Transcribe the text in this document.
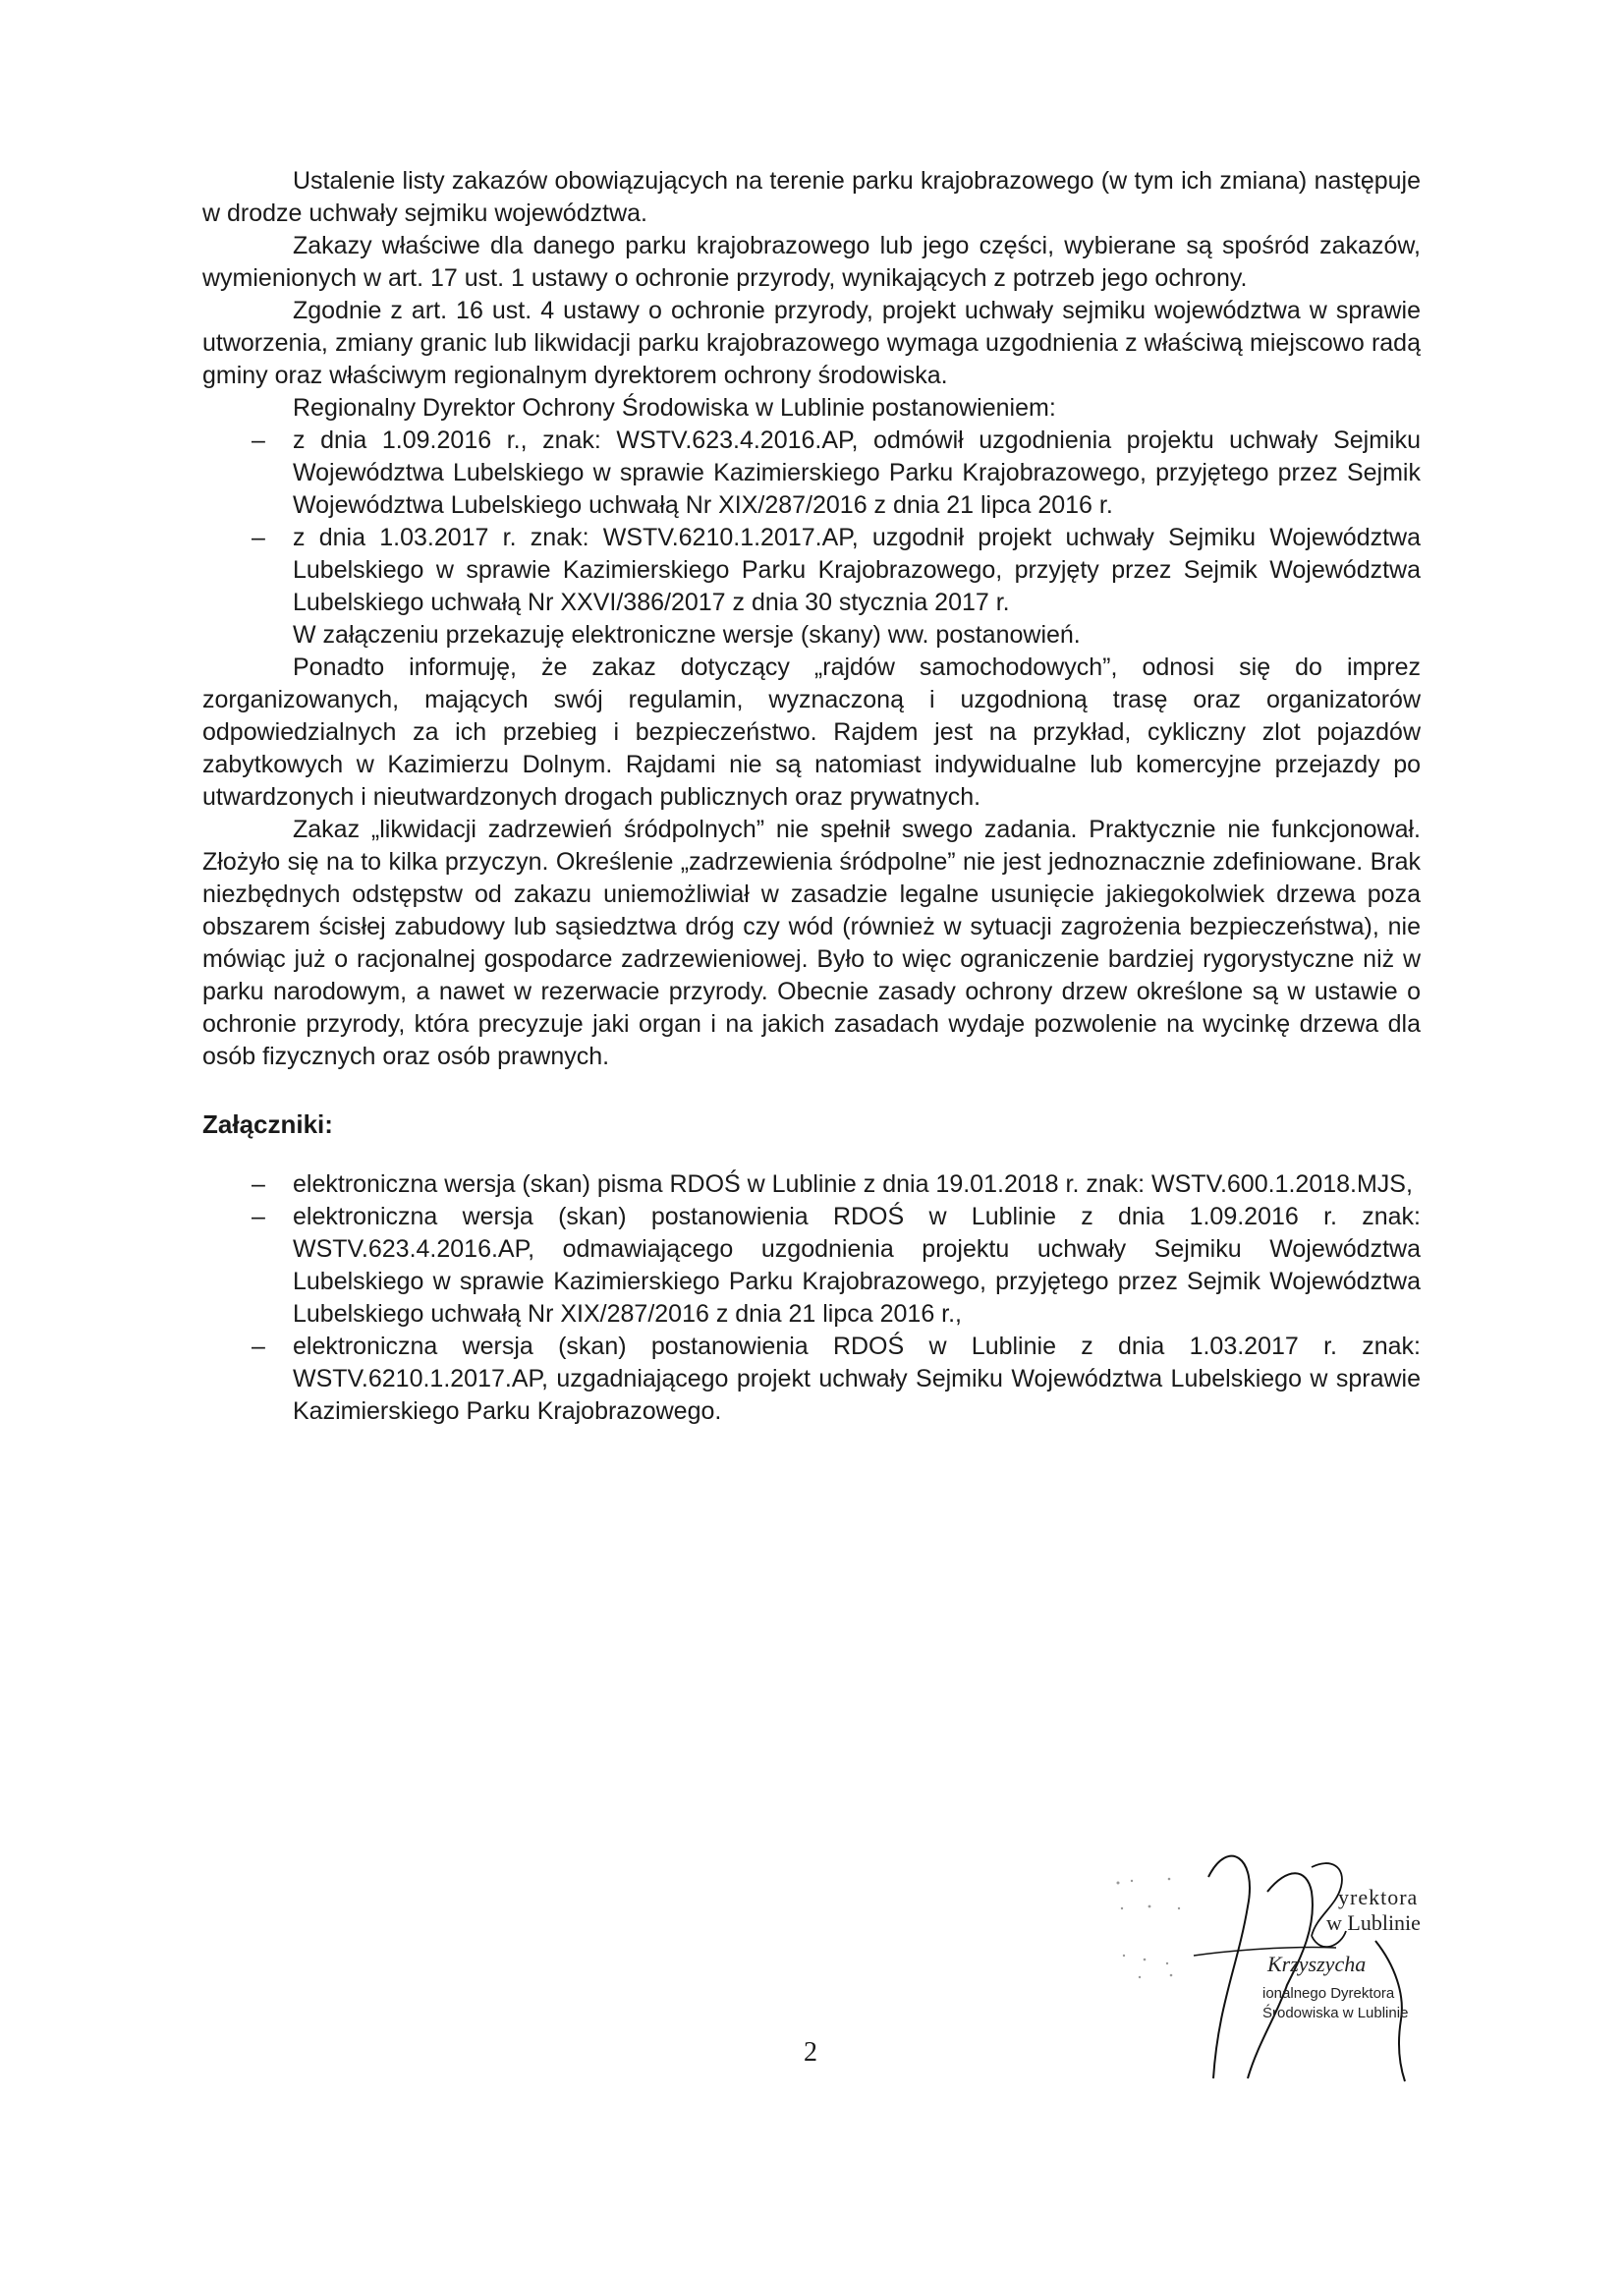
Ustalenie listy zakazów obowiązujących na terenie parku krajobrazowego (w tym ich zmiana) następuje w drodze uchwały sejmiku województwa.

Zakazy właściwe dla danego parku krajobrazowego lub jego części, wybierane są spośród zakazów, wymienionych w art. 17 ust. 1 ustawy o ochronie przyrody, wynikających z potrzeb jego ochrony.

Zgodnie z art. 16 ust. 4 ustawy o ochronie przyrody, projekt uchwały sejmiku województwa w sprawie utworzenia, zmiany granic lub likwidacji parku krajobrazowego wymaga uzgodnienia z właściwą miejscowo radą gminy oraz właściwym regionalnym dyrektorem ochrony środowiska.

Regionalny Dyrektor Ochrony Środowiska w Lublinie postanowieniem:

– z dnia 1.09.2016 r., znak: WSTV.623.4.2016.AP, odmówił uzgodnienia projektu uchwały Sejmiku Województwa Lubelskiego w sprawie Kazimierskiego Parku Krajobrazowego, przyjętego przez Sejmik Województwa Lubelskiego uchwałą Nr XIX/287/2016 z dnia 21 lipca 2016 r.
– z dnia 1.03.2017 r. znak: WSTV.6210.1.2017.AP, uzgodnił projekt uchwały Sejmiku Województwa Lubelskiego w sprawie Kazimierskiego Parku Krajobrazowego, przyjęty przez Sejmik Województwa Lubelskiego uchwałą Nr XXVI/386/2017 z dnia 30 stycznia 2017 r.

W załączeniu przekazuję elektroniczne wersje (skany) ww. postanowień.

Ponadto informuję, że zakaz dotyczący „rajdów samochodowych”, odnosi się do imprez zorganizowanych, mających swój regulamin, wyznaczoną i uzgodnioną trasę oraz organizatorów odpowiedzialnych za ich przebieg i bezpieczeństwo. Rajdem jest na przykład, cykliczny zlot pojazdów zabytkowych w Kazimierzu Dolnym. Rajdami nie są natomiast indywidualne lub komercyjne przejazdy po utwardzonych i nieutwardzonych drogach publicznych oraz prywatnych.

Zakaz „likwidacji zadrzewień śródpolnych” nie spełnił swego zadania. Praktycznie nie funkcjonował. Złożyło się na to kilka przyczyn. Określenie „zadrzewienia śródpolne” nie jest jednoznacznie zdefiniowane. Brak niezbędnych odstępstw od zakazu uniemożliwiał w zasadzie legalne usunięcie jakiegokolwiek drzewa poza obszarem ścisłej zabudowy lub sąsiedztwa dróg czy wód (również w sytuacji zagrożenia bezpieczeństwa), nie mówiąc już o racjonalnej gospodarce zadrzewieniowej. Było to więc ograniczenie bardziej rygorystyczne niż w parku narodowym, a nawet w rezerwacie przyrody. Obecnie zasady ochrony drzew określone są w ustawie o ochronie przyrody, która precyzuje jaki organ i na jakich zasadach wydaje pozwolenie na wycinkę drzewa dla osób fizycznych oraz osób prawnych.

Załączniki:
– elektroniczna wersja (skan) pisma RDOŚ w Lublinie z dnia 19.01.2018 r. znak: WSTV.600.1.2018.MJS,
– elektroniczna wersja (skan) postanowienia RDOŚ w Lublinie z dnia 1.09.2016 r. znak: WSTV.623.4.2016.AP, odmawiającego uzgodnienia projektu uchwały Sejmiku Województwa Lubelskiego w sprawie Kazimierskiego Parku Krajobrazowego, przyjętego przez Sejmik Województwa Lubelskiego uchwałą Nr XIX/287/2016 z dnia 21 lipca 2016 r.,
– elektroniczna wersja (skan) postanowienia RDOŚ w Lublinie z dnia 1.03.2017 r. znak: WSTV.6210.1.2017.AP, uzgadniającego projekt uchwały Sejmiku Województwa Lubelskiego w sprawie Kazimierskiego Parku Krajobrazowego.
yrektora
w Lublinie
Krzyszycha
ionalnego Dyrektora
Środowiska w Lublinie
2
